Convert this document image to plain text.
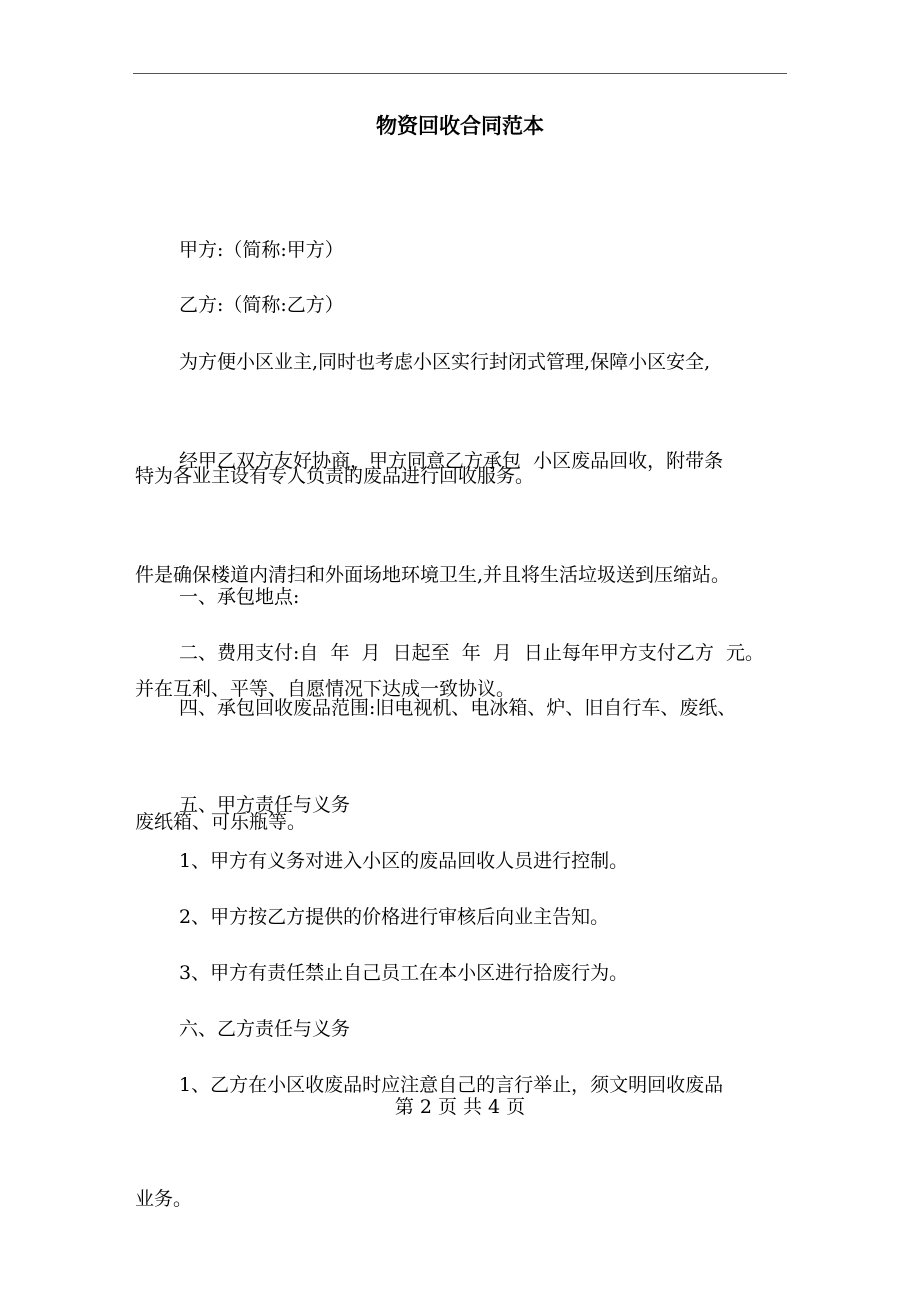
物资回收合同范本

甲方:（简称:甲方）

乙方:（简称:乙方）

为方便小区业主,同时也考虑小区实行封闭式管理,保障小区安全,

特为各业主设有专人负责的废品进行回收服务。

经甲乙双方友好协商，甲方同意乙方承包  小区废品回收，附带条

件是确保楼道内清扫和外面场地环境卫生,并且将生活垃圾送到压缩站。

并在互利、平等、自愿情况下达成一致协议。

一、承包地点:

二、费用支付:自  年  月  日起至  年  月  日止每年甲方支付乙方  元。

四、承包回收废品范围:旧电视机、电冰箱、炉、旧自行车、废纸、

废纸箱、可乐瓶等。

五、甲方责任与义务

1、甲方有义务对进入小区的废品回收人员进行控制。

2、甲方按乙方提供的价格进行审核后向业主告知。

3、甲方有责任禁止自己员工在本小区进行拾废行为。

六、乙方责任与义务

1、乙方在小区收废品时应注意自己的言行举止，须文明回收废品

业务。

第 2 页 共 4 页
